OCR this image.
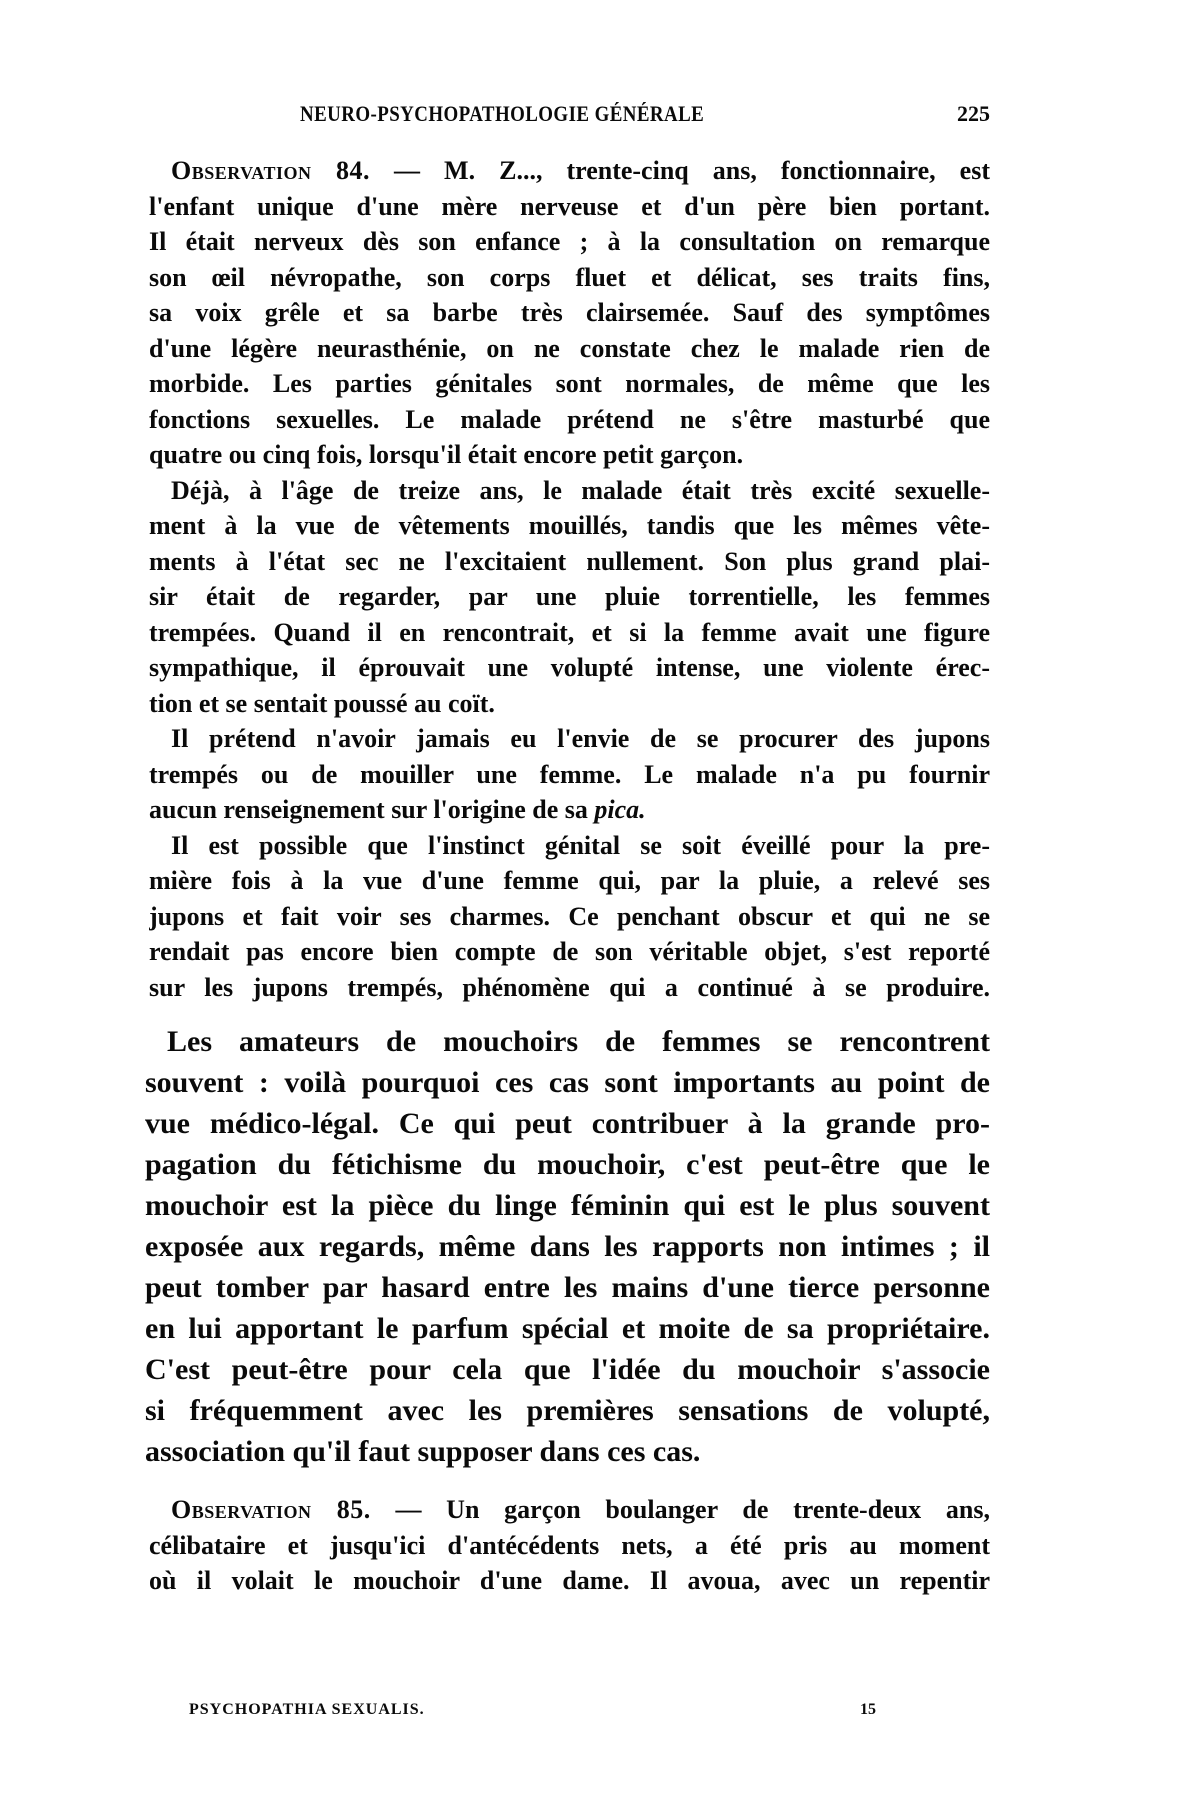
NEURO-PSYCHOPATHOLOGIE GÉNÉRALE	225
Observation 84. — M. Z..., trente-cinq ans, fonctionnaire, est
l'enfant unique d'une mère nerveuse et d'un père bien portant.
Il était nerveux dès son enfance ; à la consultation on remarque
son œil névropathe, son corps fluet et délicat, ses traits fins,
sa voix grêle et sa barbe très clairsemée. Sauf des symptômes
d'une légère neurasthénie, on ne constate chez le malade rien de
morbide. Les parties génitales sont normales, de même que les
fonctions sexuelles. Le malade prétend ne s'être masturbé que
quatre ou cinq fois, lorsqu'il était encore petit garçon.
Déjà, à l'âge de treize ans, le malade était très excité sexuelle-
ment à la vue de vêtements mouillés, tandis que les mêmes vête-
ments à l'état sec ne l'excitaient nullement. Son plus grand plai-
sir était de regarder, par une pluie torrentielle, les femmes
trempées. Quand il en rencontrait, et si la femme avait une figure
sympathique, il éprouvait une volupté intense, une violente érec-
tion et se sentait poussé au coït.
Il prétend n'avoir jamais eu l'envie de se procurer des jupons
trempés ou de mouiller une femme. Le malade n'a pu fournir
aucun renseignement sur l'origine de sa pica.
Il est possible que l'instinct génital se soit éveillé pour la pre-
mière fois à la vue d'une femme qui, par la pluie, a relevé ses
jupons et fait voir ses charmes. Ce penchant obscur et qui ne se
rendait pas encore bien compte de son véritable objet, s'est reporté
sur les jupons trempés, phénomène qui a continué à se produire.
Les amateurs de mouchoirs de femmes se rencontrent
souvent : voilà pourquoi ces cas sont importants au point de
vue médico-légal. Ce qui peut contribuer à la grande pro-
pagation du fétichisme du mouchoir, c'est peut-être que le
mouchoir est la pièce du linge féminin qui est le plus souvent
exposée aux regards, même dans les rapports non intimes ; il
peut tomber par hasard entre les mains d'une tierce personne
en lui apportant le parfum spécial et moite de sa propriétaire.
C'est peut-être pour cela que l'idée du mouchoir s'associe
si fréquemment avec les premières sensations de volupté,
association qu'il faut supposer dans ces cas.
Observation 85. — Un garçon boulanger de trente-deux ans,
célibataire et jusqu'ici d'antécédents nets, a été pris au moment
où il volait le mouchoir d'une dame. Il avoua, avec un repentir
PSYCHOPATHIA SEXUALIS.	15
